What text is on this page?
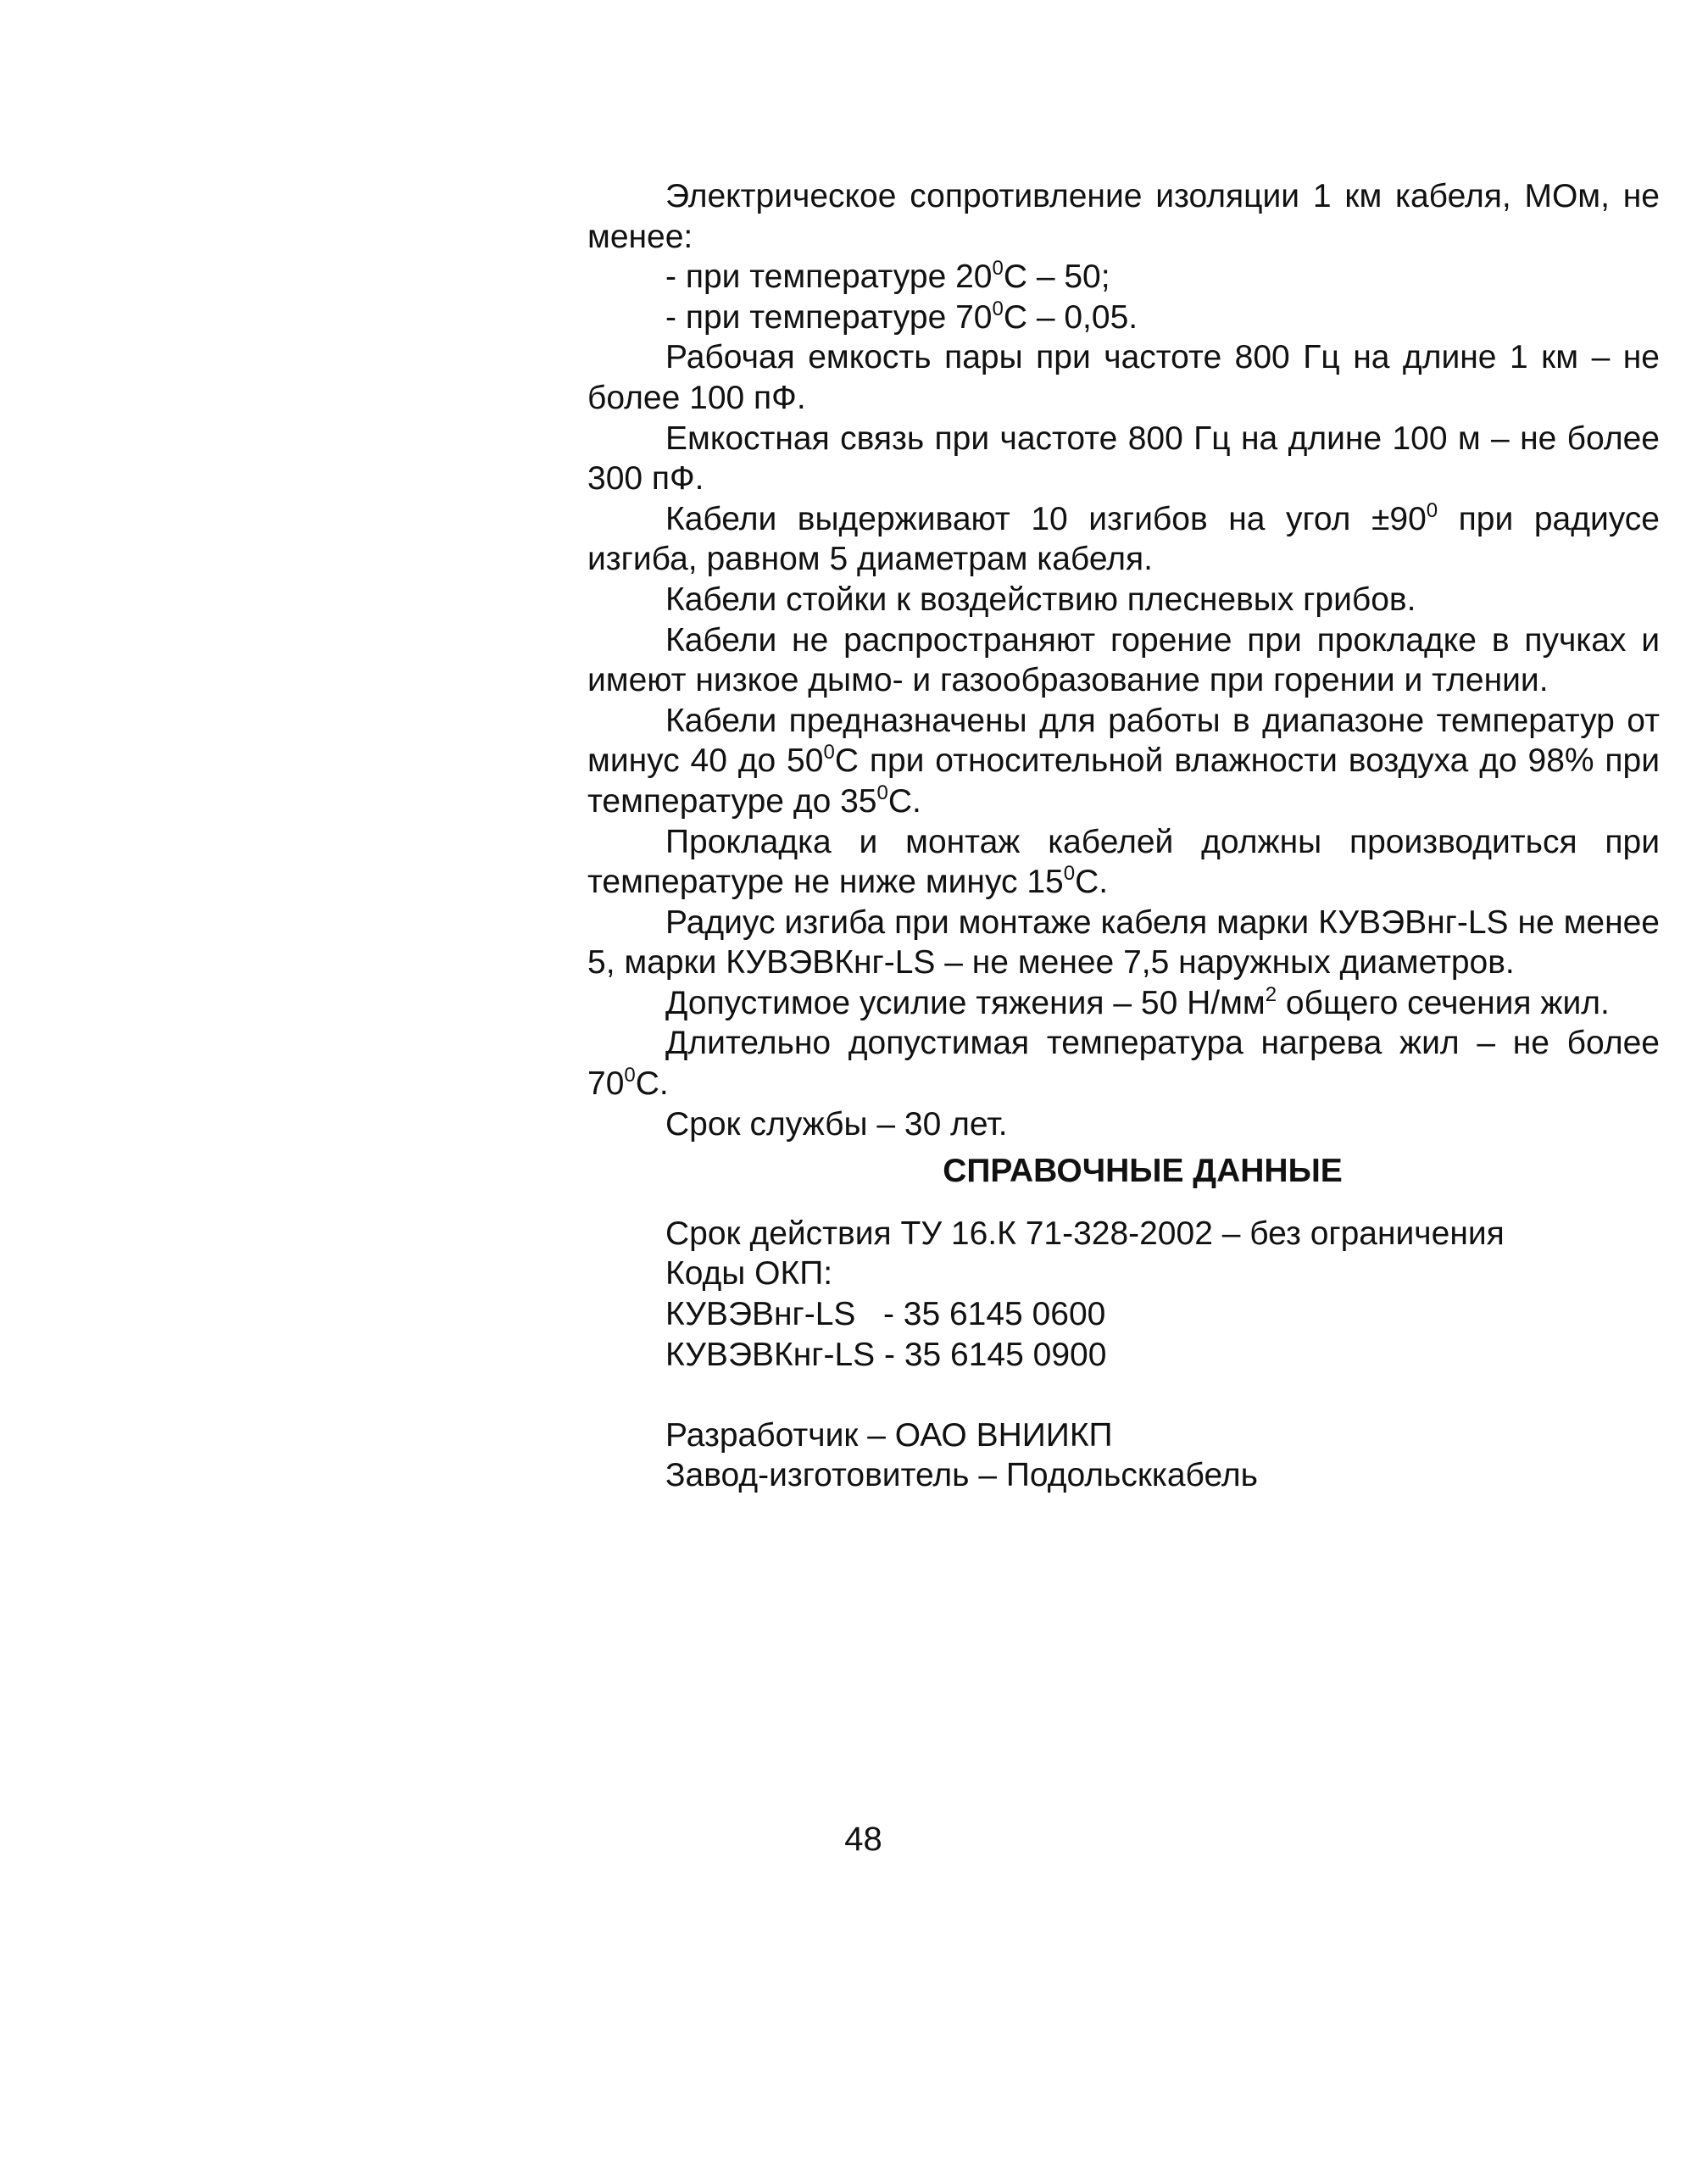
Электрическое сопротивление изоляции 1 км кабеля, МОм, не менее:

- при температуре $20^0С - 50$;

- при температуре $70^0С - 0,05$.

Рабочая емкость пары при частоте 800 Гц на длине 1 км – не более 100 пФ.

Емкостная связь при частоте 800 Гц на длине 100 м – не более 300 пФ.

Кабели выдерживают 10 изгибов на угол $\pm 90^0$ при радиусе изгиба, равном 5 диаметрам кабеля.

Кабели стойки к воздействию плесневых грибов.

Кабели не распространяют горение при прокладке в пучках и имеют низкое дымо- и газообразование при горении и тлении.

Кабели предназначены для работы в диапазоне температур от минус 40 до $50^0С$ при относительной влажности воздуха до 98% при температуре до $35^0С$.

Прокладка и монтаж кабелей должны производиться при температуре не ниже минус $15^0С$.

Радиус изгиба при монтаже кабеля марки КУВЭВнг-LS не менее 5, марки КУВЭВКнг-LS – не менее 7,5 наружных диаметров.

Допустимое усилие тяжения – 50 $Н/мм^2$ общего сечения жил.

Длительно допустимая температура нагрева жил – не более $70^0С$.

Срок службы – 30 лет.

СПРАВОЧНЫЕ ДАННЫЕ

Срок действия ТУ 16.К 71-328-2002 – без ограничения

Коды ОКП:

КУВЭВнг-LS   - 35 6145 0600

КУВЭВКнг-LS - 35 6145 0900

Разработчик – ОАО ВНИИКП

Завод-изготовитель – Подольсккабель

48
